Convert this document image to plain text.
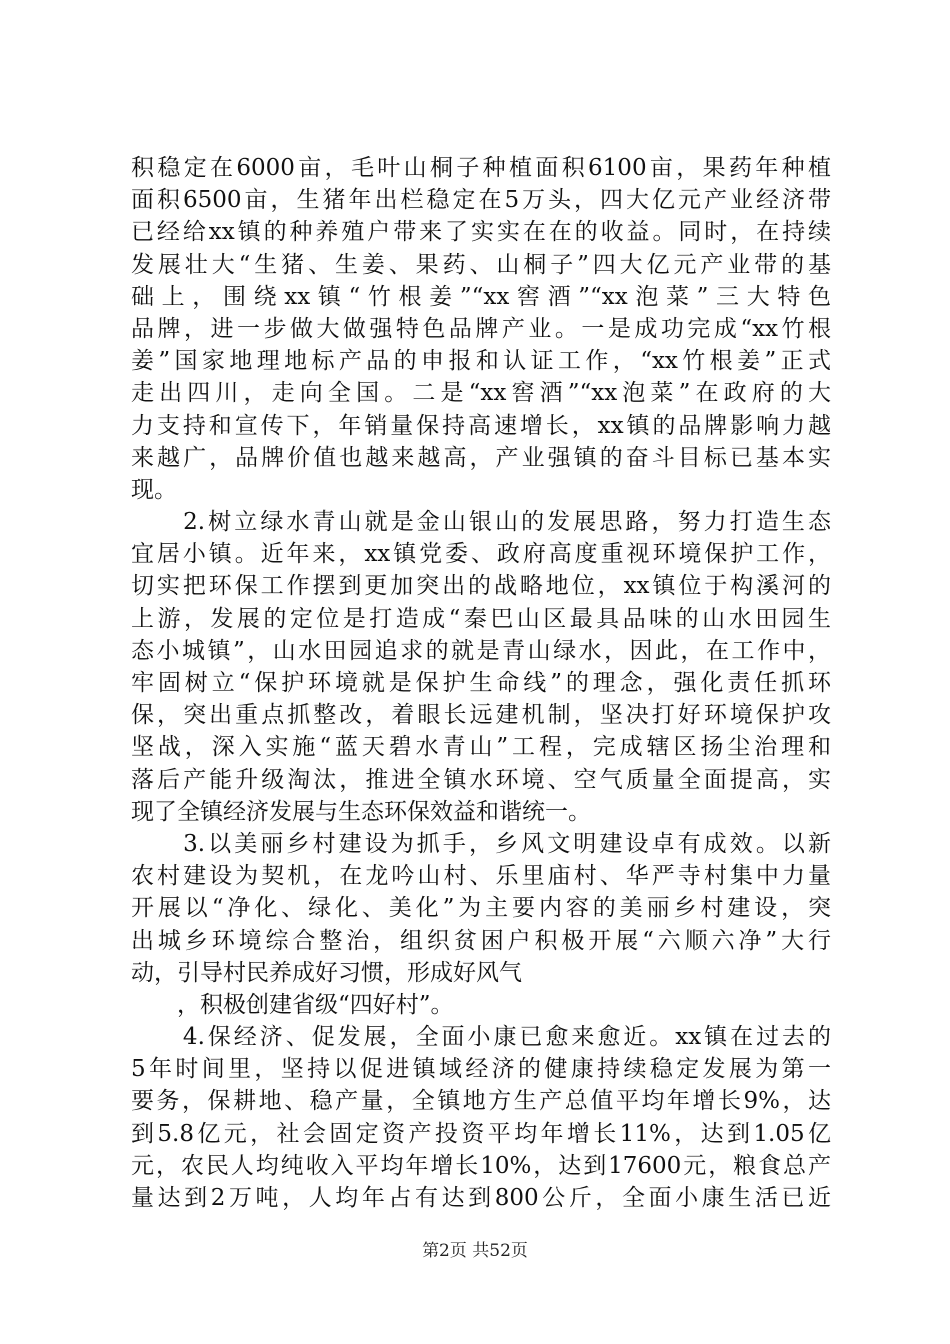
积稳定在6000亩，毛叶山桐子种植面积6100亩，果药年种植
面积6500亩，生猪年出栏稳定在5万头，四大亿元产业经济带
已经给xx镇的种养殖户带来了实实在在的收益。同时，在持续
发展壮大“生猪、生姜、果药、山桐子”四大亿元产业带的基
础上，围绕xx镇“竹根姜”“xx窖酒”“xx泡菜”三大特色
品牌，进一步做大做强特色品牌产业。一是成功完成“xx竹根
姜”国家地理地标产品的申报和认证工作，“xx竹根姜”正式
走出四川，走向全国。二是“xx窖酒”“xx泡菜”在政府的大
力支持和宣传下，年销量保持高速增长，xx镇的品牌影响力越
来越广，品牌价值也越来越高，产业强镇的奋斗目标已基本实
现。
　　2.树立绿水青山就是金山银山的发展思路，努力打造生态
宜居小镇。近年来，xx镇党委、政府高度重视环境保护工作，
切实把环保工作摆到更加突出的战略地位，xx镇位于构溪河的
上游，发展的定位是打造成“秦巴山区最具品味的山水田园生
态小城镇”，山水田园追求的就是青山绿水，因此，在工作中，
牢固树立“保护环境就是保护生命线”的理念，强化责任抓环
保，突出重点抓整改，着眼长远建机制，坚决打好环境保护攻
坚战，深入实施“蓝天碧水青山”工程，完成辖区扬尘治理和
落后产能升级淘汰，推进全镇水环境、空气质量全面提高，实
现了全镇经济发展与生态环保效益和谐统一。
　　3.以美丽乡村建设为抓手，乡风文明建设卓有成效。以新
农村建设为契机，在龙吟山村、乐里庙村、华严寺村集中力量
开展以“净化、绿化、美化”为主要内容的美丽乡村建设，突
出城乡环境综合整治，组织贫困户积极开展“六顺六净”大行
动，引导村民养成好习惯，形成好风气
　　，积极创建省级“四好村”。
　　4.保经济、促发展，全面小康已愈来愈近。xx镇在过去的
5年时间里，坚持以促进镇域经济的健康持续稳定发展为第一
要务，保耕地、稳产量，全镇地方生产总值平均年增长9%，达
到5.8亿元，社会固定资产投资平均年增长11%，达到1.05亿
元，农民人均纯收入平均年增长10%，达到17600元，粮食总产
量达到2万吨，人均年占有达到800公斤，全面小康生活已近
第2页 共52页
